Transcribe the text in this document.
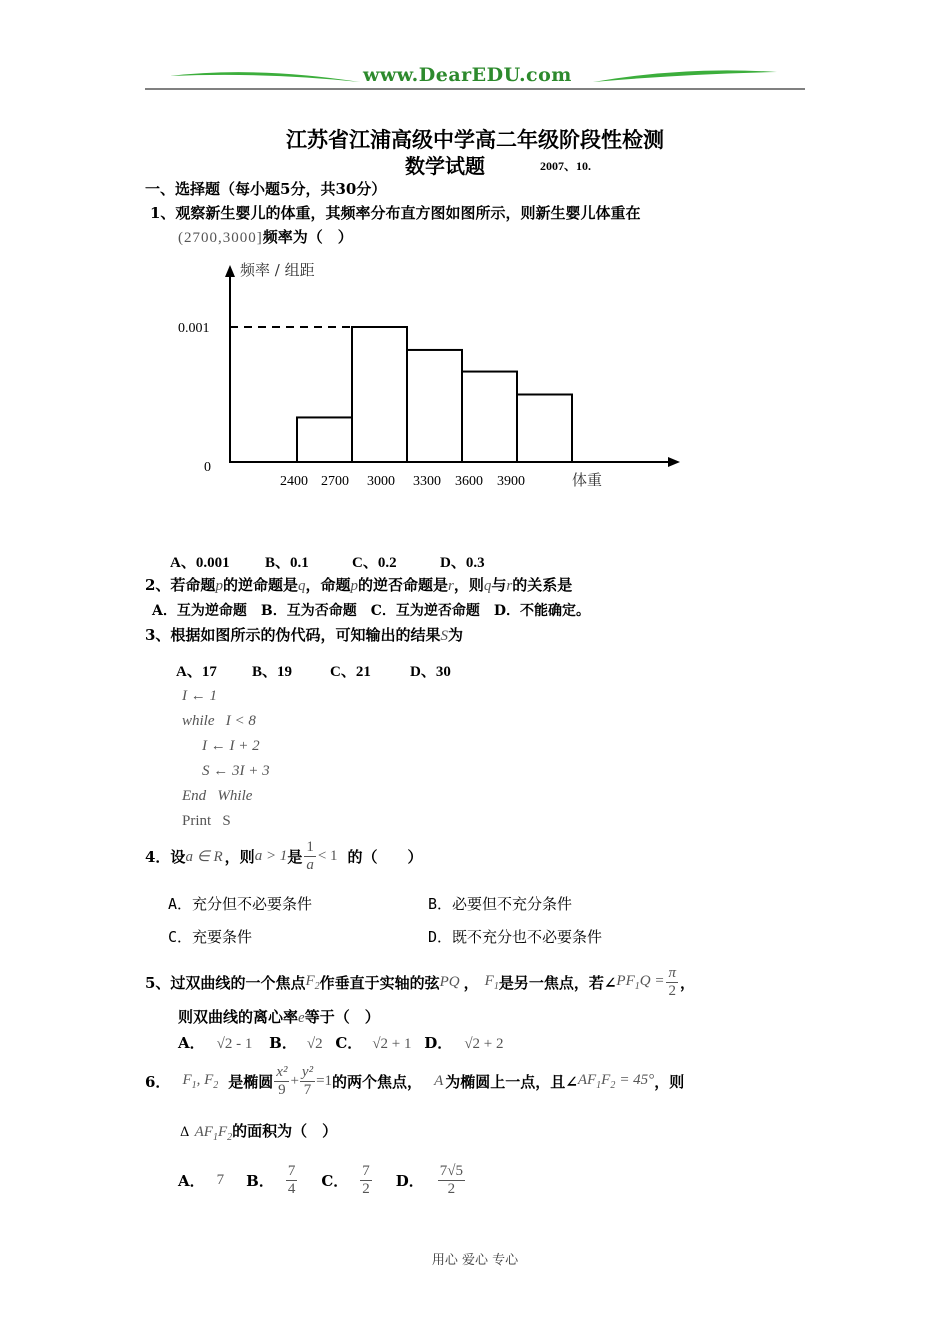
www.DearEDU.com
江苏省江浦高级中学高二年级阶段性检测
数学试题	2007、10.
一、选择题（每小题5分，共30分）
1、观察新生婴儿的体重，其频率分布直方图如图所示，则新生婴儿体重在
(2700,3000]频率为（　）
频率 / 组距
0.001
0
2400 2700 3000 3300 3600 3900	体重
A、0.001 B、0.1	C、0.2	D、0.3
2、若命题p的逆命题是q，命题p的逆否命题是r，则q与r的关系是
A．互为逆命题　B．互为否命题　C．互为逆否命题　D．不能确定。
3、根据如图所示的伪代码，可知输出的结果S为
A、17 B、19	C、21	D、30
I ← 1
while   I < 8
I ← I + 2
S ← 3I + 3
End   While
Print   S
4．设 a ∈ R ，则 a > 1 是 $\frac{1}{a} < 1$ 的（　　）
A．充分但不必要条件	B．必要但不充分条件
C．充要条件	D．既不充分也不必要条件
5、过双曲线的一个焦点 $F_2$ 作垂直于实轴的弦 PQ ， $F_1$ 是另一焦点，若∠ $PF_1Q = \frac{\pi}{2}$ ，
则双曲线的离心率e等于（　）
A． √2 - 1 B． √2 C． √2 + 1 D． √2 + 2
6． $F_1$, $F_2$ 是椭圆 $\frac{\text{x²}}{9} + \frac{\text{y²}}{7} =1$ 的两个焦点， A 为椭圆上一点，且∠ $AF_1F_2 = 45^\circ$ ，则
Δ $AF_1F_2$的面积为（　）
A． 7 B． $\frac{7}{4}$ C． $\frac{7}{2}$ D． $\frac{7√5}{2}$
用心 爱心 专心
